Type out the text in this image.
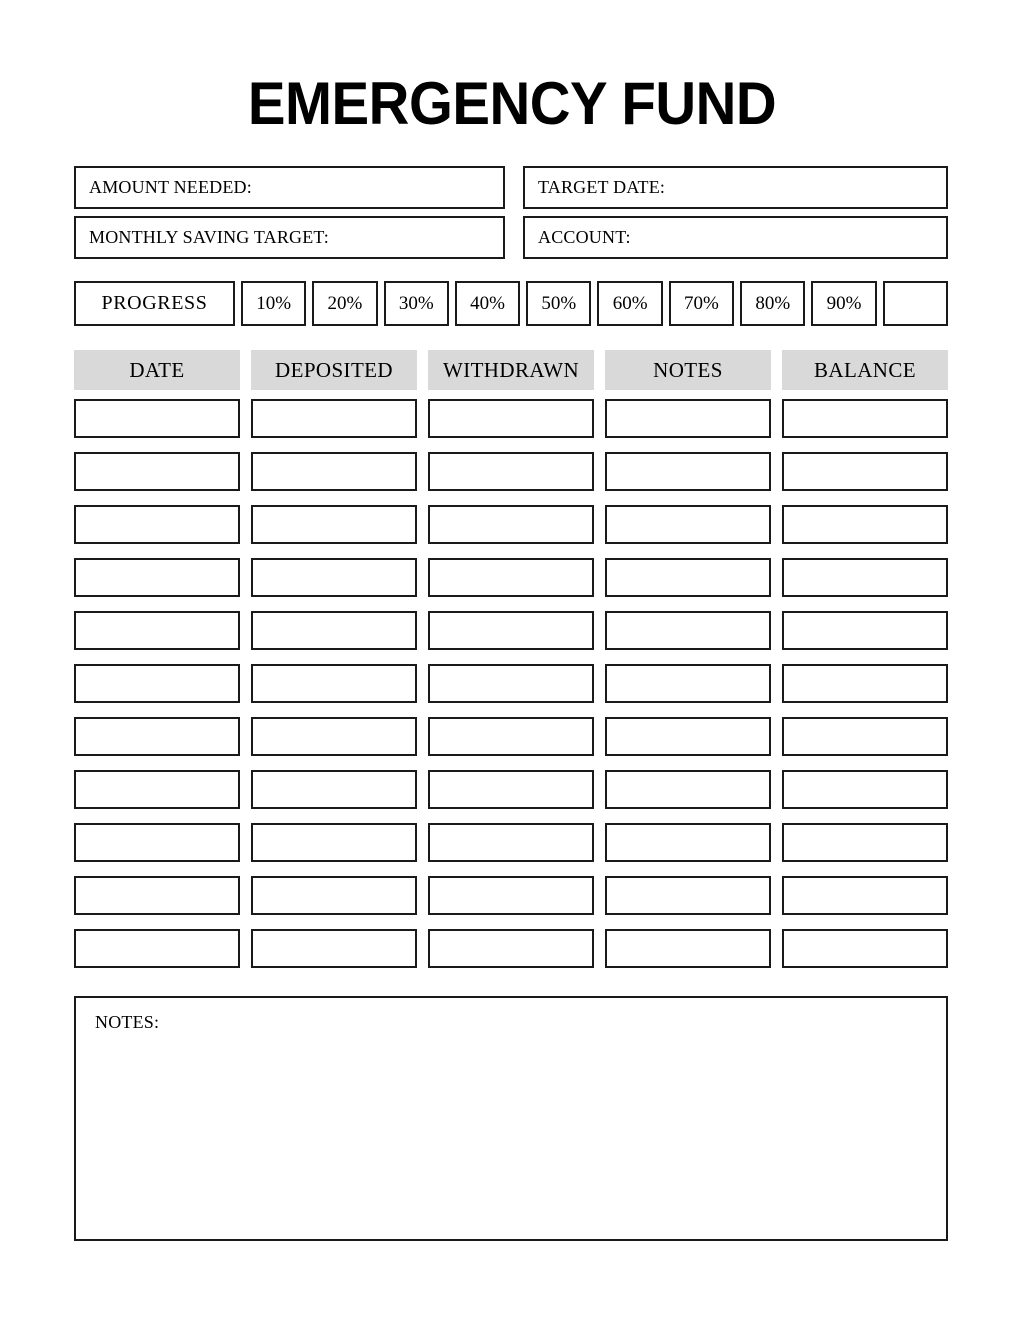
EMERGENCY FUND
AMOUNT NEEDED:	TARGET DATE:
MONTHLY SAVING TARGET:	ACCOUNT:
PROGRESS	10%	20%	30%	40%	50%	60%	70%	80%	90%
DATE	DEPOSITED	WITHDRAWN	NOTES	BALANCE
NOTES:
